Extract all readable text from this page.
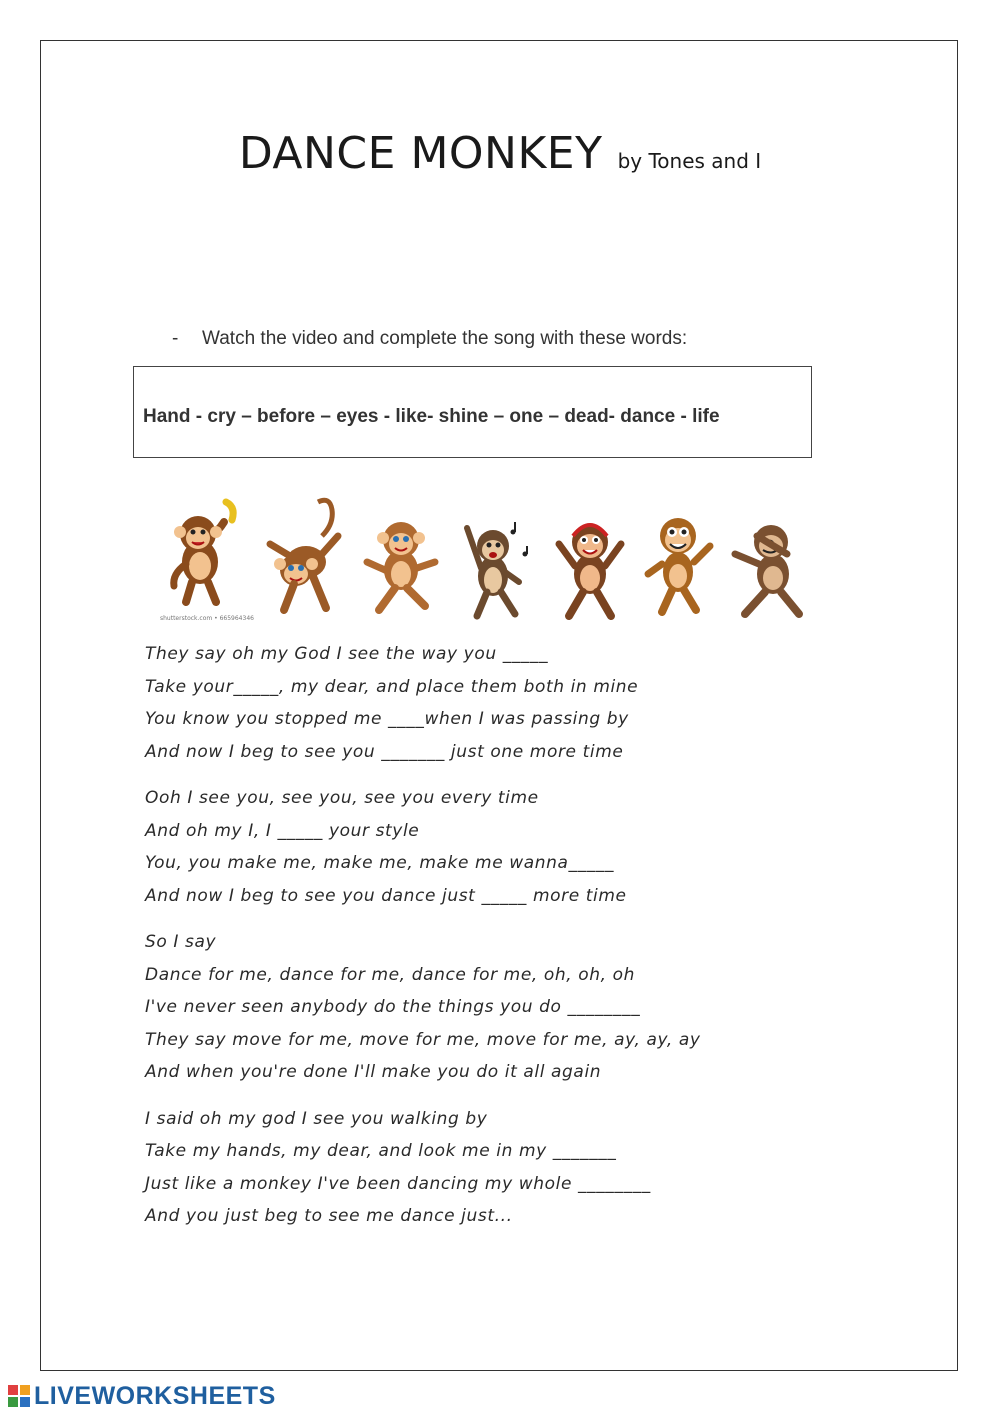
DANCE MONKEY by Tones and I
- Watch the video and complete the song with these words:
Hand - cry – before – eyes - like- shine – one – dead- dance - life
shutterstock.com • 665964346
They say oh my God I see the way you _____
Take your_____, my dear, and place them both in mine
You know you stopped me ____when I was passing by
And now I beg to see you _______ just one more time
Ooh I see you, see you, see you every time
And oh my I, I _____ your style
You, you make me, make me, make me wanna_____
And now I beg to see you dance just _____ more time
So I say
Dance for me, dance for me, dance for me, oh, oh, oh
I've never seen anybody do the things you do ________
They say move for me, move for me, move for me, ay, ay, ay
And when you're done I'll make you do it all again
I said oh my god I see you walking by
Take my hands, my dear, and look me in my _______
Just like a monkey I've been dancing my whole ________
And you just beg to see me dance just...
LIVEWORKSHEETS
